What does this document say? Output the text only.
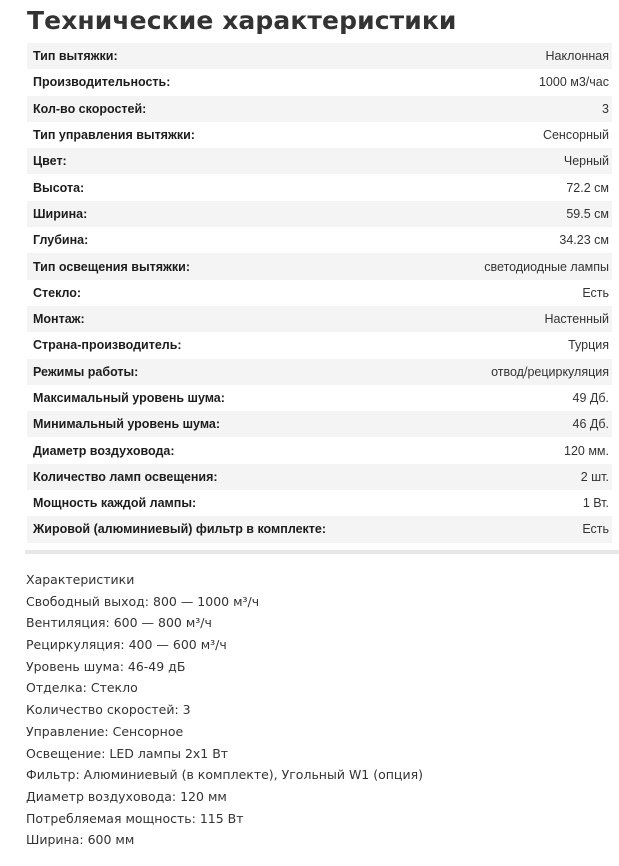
Технические характеристики
Тип вытяжки:	Наклонная
Производительность:	1000 м3/час
Кол-во скоростей:	3
Тип управления вытяжки:	Сенсорный
Цвет:	Черный
Высота:	72.2 см
Ширина:	59.5 см
Глубина:	34.23 см
Тип освещения вытяжки:	светодиодные лампы
Стекло:	Есть
Монтаж:	Настенный
Страна-производитель:	Турция
Режимы работы:	отвод/рециркуляция
Максимальный уровень шума:	49 Дб.
Минимальный уровень шума:	46 Дб.
Диаметр воздуховода:	120 мм.
Количество ламп освещения:	2 шт.
Мощность каждой лампы:	1 Вт.
Жировой (алюминиевый) фильтр в комплекте:	Есть
Характеристики
Свободный выход: 800 — 1000 м³/ч
Вентиляция: 600 — 800 м³/ч
Рециркуляция: 400 — 600 м³/ч
Уровень шума: 46-49 дБ
Отделка: Стекло
Количество скоростей: 3
Управление: Сенсорное
Освещение: LED лампы 2x1 Вт
Фильтр: Алюминиевый (в комплекте), Угольный W1 (опция)
Диаметр воздуховода: 120 мм
Потребляемая мощность: 115 Вт
Ширина: 600 мм
